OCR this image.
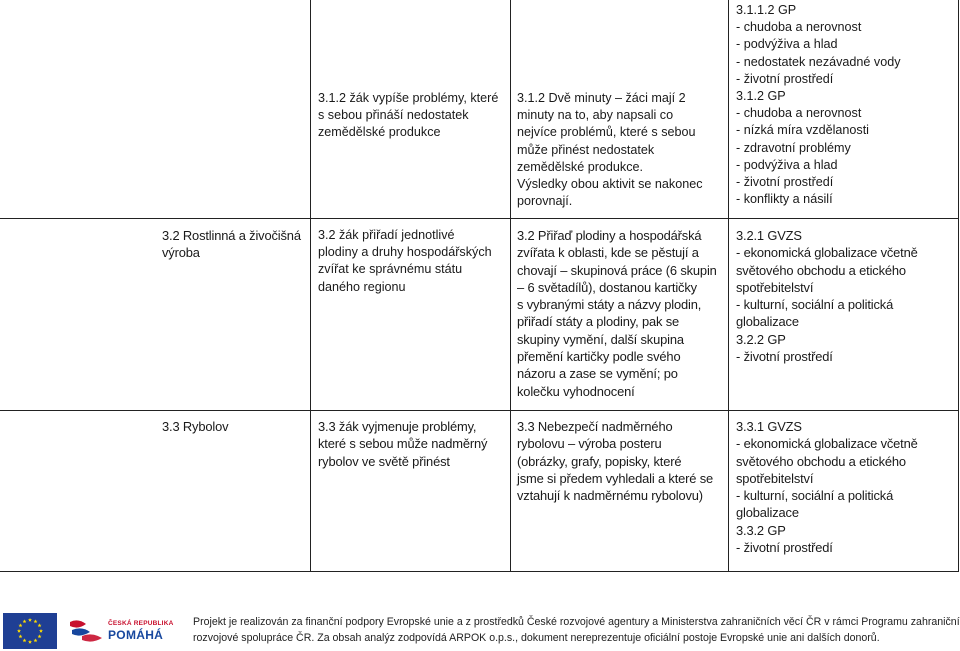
3.1.2 žák vypíše problémy, které
s sebou přináší nedostatek
zemědělské produkce
3.1.2 Dvě minuty – žáci mají 2
minuty na to, aby napsali co
nejvíce problémů, které s sebou
může přinést nedostatek
zemědělské produkce.
Výsledky obou aktivit se nakonec
porovnají.
3.1.1.2 GP
- chudoba a nerovnost
- podvýživa a hlad
- nedostatek nezávadné vody
- životní prostředí
3.1.2 GP
- chudoba a nerovnost
- nízká míra vzdělanosti
- zdravotní problémy
- podvýživa a hlad
- životní prostředí
- konflikty a násilí
3.2 Rostlinná a živočišná
výroba
3.2 žák přiřadí jednotlivé
plodiny a druhy hospodářských
zvířat ke správnému státu
daného regionu
3.2 Přiřaď plodiny a hospodářská
zvířata k oblasti, kde se pěstují a
chovají – skupinová práce (6 skupin
– 6 světadílů), dostanou kartičky
s vybranými státy a názvy plodin,
přiřadí státy a plodiny, pak se
skupiny vymění, další skupina
přemění kartičky podle svého
názoru a zase se vymění; po
kolečku vyhodnocení
3.2.1 GVZS
- ekonomická globalizace včetně
světového obchodu a etického
spotřebitelství
- kulturní, sociální a politická
globalizace
3.2.2 GP
- životní prostředí
3.3 Rybolov	3.3 žák vyjmenuje problémy,
které s sebou může nadměrný
rybolov ve světě přinést
3.3 Nebezpečí nadměrného
rybolovu – výroba posteru
(obrázky, grafy, popisky, které
jsme si předem vyhledali a které se
vztahují k nadměrnému rybolovu)
3.3.1 GVZS
- ekonomická globalizace včetně
světového obchodu a etického
spotřebitelství
- kulturní, sociální a politická
globalizace
3.3.2 GP
- životní prostředí
ČESKÁ REPUBLIKA
POMÁHÁ
Projekt je realizován za finanční podpory Evropské unie a z prostředků České rozvojové agentury a Ministerstva zahraničních věcí ČR v rámci Programu zahraniční
rozvojové spolupráce ČR. Za obsah analýz zodpovídá ARPOK o.p.s., dokument nereprezentuje oficiální postoje Evropské unie ani dalších donorů.
